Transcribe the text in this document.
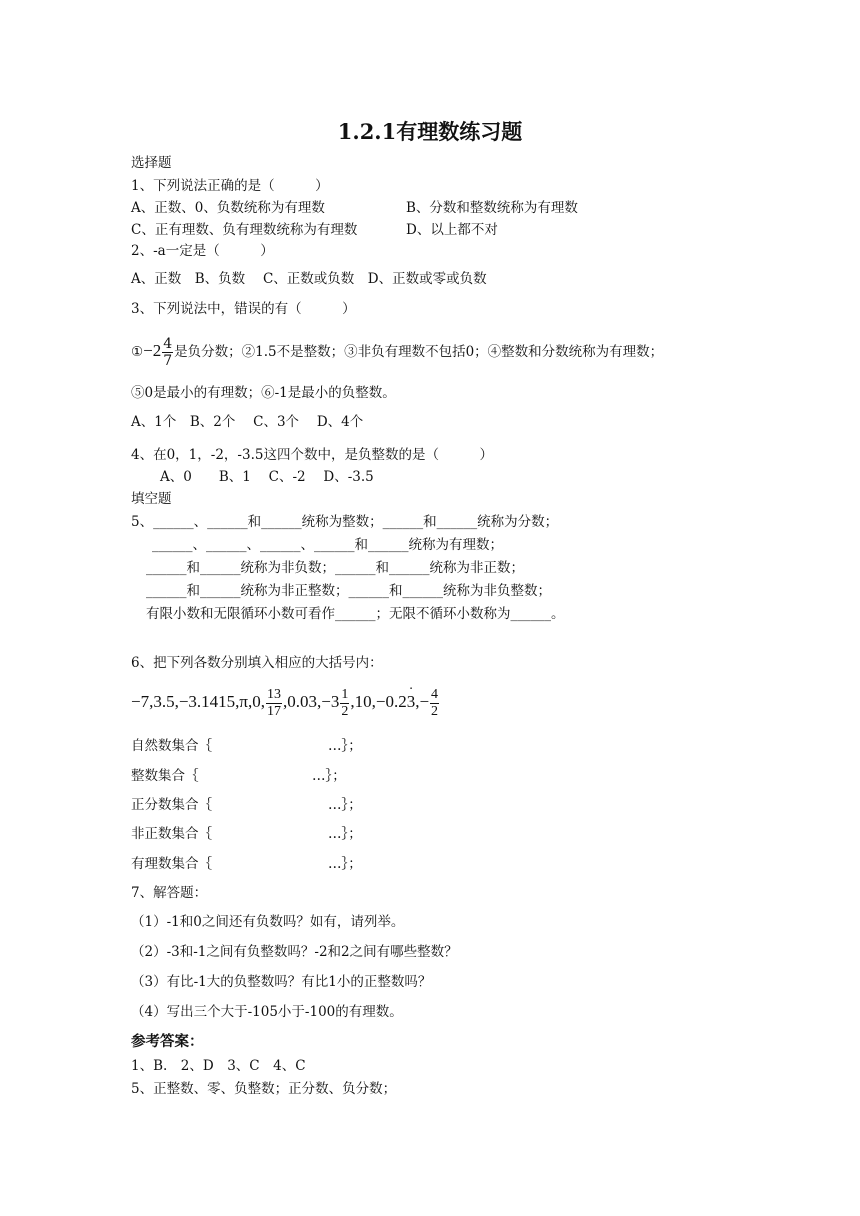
1.2.1有理数练习题
选择题
1、下列说法正确的是（　　　）
A、正数、0、负数统称为有理数	B、分数和整数统称为有理数
C、正有理数、负有理数统称为有理数	D、以上都不对
2、-a一定是（　　　）
A、正数　B、负数　 C、正数或负数　D、正数或零或负数
3、下列说法中，错误的有（　　　）
①−2 $\frac{4}{7}$ 是负分数；②1.5不是整数；③非负有理数不包括0；④整数和分数统称为有理数；
⑤0是最小的有理数；⑥-1是最小的负整数。
A、1个　B、2个　 C、3个　 D、4个
4、在0，1，-2，-3.5这四个数中，是负整数的是（　　　）
A、0　　B、1　 C、-2　 D、-3.5
填空题
5、______、______和______统称为整数；______和______统称为分数；
______、______、______、______和______统称为有理数；
______和______统称为非负数；______和______统称为非正数；
______和______统称为非正整数；______和______统称为非负整数；
有限小数和无限循环小数可看作______；无限不循环小数称为______。
6、把下列各数分别填入相应的大括号内：
−7,3.5,−3.1415,π,0, $\frac{13}{17} ,0.03,-3 \frac{1}{2} ,10,-0.2\cdot 3,- \frac{4}{2}$
自然数集合｛	…｝；
整数集合｛	…｝；
正分数集合｛	…｝；
非正数集合｛	…｝；
有理数集合｛	…｝；
7、解答题：
（1）-1和0之间还有负数吗？如有，请列举。
（2）-3和-1之间有负整数吗？-2和2之间有哪些整数？
（3）有比-1大的负整数吗？有比1小的正整数吗？
（4）写出三个大于-105小于-100的有理数。
参考答案：
1、B.　2、D　3、C　4、C
5、正整数、零、负整数；正分数、负分数；
